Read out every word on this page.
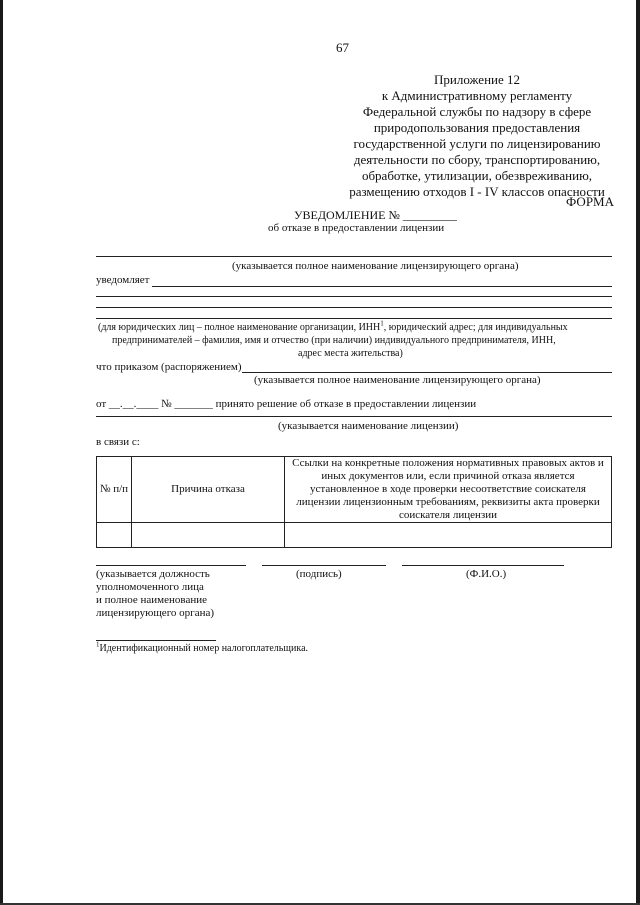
67
Приложение 12
к Административному регламенту
Федеральной службы по надзору в сфере
природопользования предоставления
государственной услуги по лицензированию
деятельности по сбору, транспортированию,
обработке, утилизации, обезвреживанию,
размещению отходов I - IV классов опасности
ФОРМА
УВЕДОМЛЕНИЕ № _________
об отказе в предоставлении лицензии
(указывается полное наименование лицензирующего органа)
уведомляет
(для юридических лиц – полное наименование организации, ИНН$^1$, юридический адрес; для индивидуальных
предпринимателей – фамилия, имя и отчество (при наличии) индивидуального предпринимателя, ИНН,
адрес места жительства)
что приказом (распоряжением)
(указывается полное наименование лицензирующего органа)
от __.__.____ № _______ принято решение об отказе в предоставлении лицензии
(указывается наименование лицензии)
в связи с:
№ п/п	Причина отказа	Ссылки на конкретные положения нормативных правовых актов и иных документов или, если причиной отказа является установленное в ходе проверки несоответствие соискателя лицензии лицензионным требованиям, реквизиты акта проверки соискателя лицензии

(указывается должность
уполномоченного лица
и полное наименование
лицензирующего органа)
(подпись)	(Ф.И.О.)
$^1$Идентификационный номер налогоплательщика.
